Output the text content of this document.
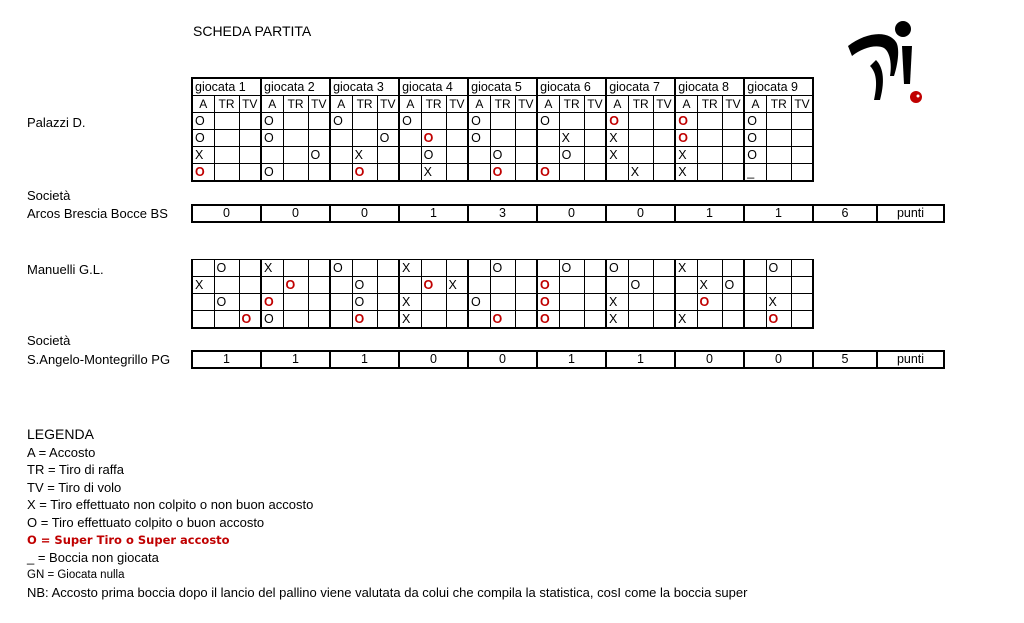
SCHEDA PARTITA
Palazzi D.
giocata 1			giocata 2			giocata 3			giocata 4			giocata 5			giocata 6			giocata 7			giocata 8			giocata 9		
A	TR	TV	A	TR	TV	A	TR	TV	A	TR	TV	A	TR	TV	A	TR	TV	A	TR	TV	A	TR	TV	A	TR	TV
O			O			O			O			O			O			O			O			O		
O			O					O		O		O				X		X			O			O		
X					O		X			O			O			O		X			X			O		
O			O				O			X			O		O				X		X			_		
Società
Arcos Brescia Bocce BS	0	0	0	1	3	0	0	1	1	6	punti
Manuelli G.L.
		O		X			O			X				O			O		O			X				O	
X				O			O			O	X				O				O			X	O			
	O		O				O		X			O			O			X				O			X	
		O	O				O		X				O		O			X			X				O	
Società
S.Angelo-Montegrillo PG	1	1	1	0	0	1	1	0	0	5	punti
LEGENDA
A = Accosto
TR = Tiro di raffa
TV = Tiro di volo
X = Tiro effettuato non colpito o non buon accosto
O = Tiro effettuato colpito o buon accosto
O = Super Tiro o Super accosto
_ = Boccia non giocata
GN = Giocata nulla
NB: Accosto prima boccia dopo il lancio del pallino viene valutata da colui che compila la statistica, cosI come la boccia super
